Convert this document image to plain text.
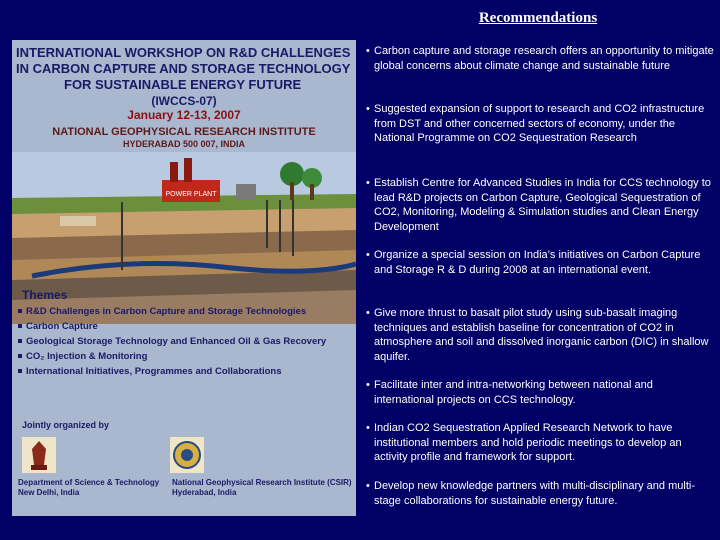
Recommendations
INTERNATIONAL WORKSHOP ON R&D CHALLENGES
IN CARBON CAPTURE AND STORAGE TECHNOLOGY
FOR SUSTAINABLE ENERGY FUTURE
(IWCCS-07)
January 12-13, 2007
NATIONAL GEOPHYSICAL RESEARCH INSTITUTE
HYDERABAD 500 007, INDIA
POWER PLANT
Themes
R&D Challenges in Carbon Capture and Storage Technologies
Carbon Capture
Geological Storage Technology and Enhanced Oil & Gas Recovery
CO₂ Injection & Monitoring
International Initiatives, Programmes and Collaborations
Jointly organized by
Department of Science & Technology
New Delhi, India
National Geophysical Research Institute (CSIR)
Hyderabad, India
• Carbon capture and storage research offers an opportunity to mitigate global concerns about climate change and sustainable future
• Suggested expansion of support to research and CO2 infrastructure from DST and other concerned sectors of economy, under the National Programme on CO2 Sequestration Research
• Establish Centre for Advanced Studies in India for CCS technology to lead R&D projects on Carbon Capture, Geological Sequestration of CO2, Monitoring, Modeling & Simulation studies and Clean Energy Development
• Organize a special session on India’s initiatives on Carbon Capture and Storage R & D during 2008 at an international event.
• Give more thrust to basalt pilot study using sub-basalt imaging techniques and establish baseline for concentration of CO2 in atmosphere and soil and dissolved inorganic carbon (DIC) in shallow aquifer.
• Facilitate inter and intra-networking between national and international projects on CCS technology.
• Indian CO2 Sequestration Applied Research Network to have institutional members and hold periodic meetings to develop an activity profile and framework for support.
• Develop new knowledge partners with multi-disciplinary and multi-stage collaborations for sustainable energy future.
